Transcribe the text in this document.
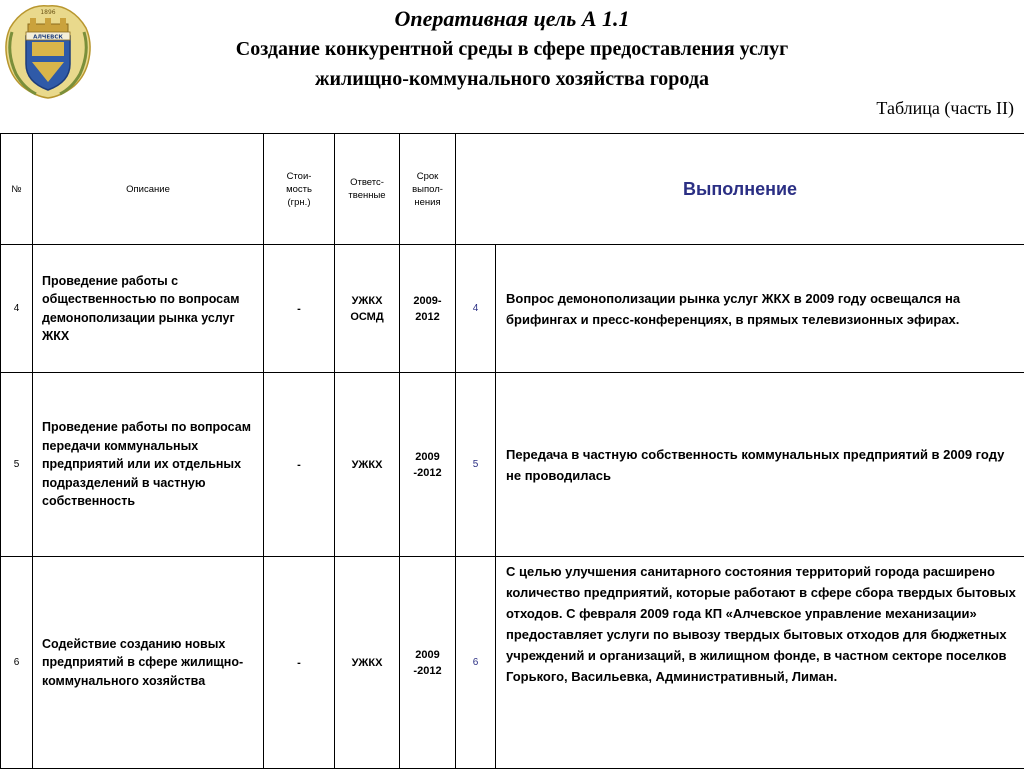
АЛЧЕВСК
1896	Оперативная цель А 1.1
Создание конкурентной среды в сфере предоставления услуг
жилищно-коммунального хозяйства города
Таблица (часть II)
№	Описание	Стои-мость (грн.)	Ответс-твенные	Срок выпол-нения	Выполнение	
4	Проведение работы с общественностью по вопросам демонополизации рынка услуг ЖКХ	-	УЖКХ ОСМД	2009-2012	4	Вопрос демонополизации рынка услуг ЖКХ в 2009 году освещался на брифингах и пресс-конференциях, в прямых телевизионных эфирах.
5	Проведение работы по вопросам передачи коммунальных предприятий или их отдельных подразделений в частную собственность	-	УЖКХ	2009 -2012	5	Передача в частную собственность коммунальных предприятий в 2009 году не проводилась
6	Содействие созданию новых предприятий в сфере жилищно-коммунального хозяйства	-	УЖКХ	2009 -2012	6	С целью улучшения санитарного состояния территорий города расширено количество предприятий, которые работают в сфере сбора твердых бытовых отходов. С февраля 2009 года КП «Алчевское управление механизации» предоставляет услуги по вывозу твердых бытовых отходов для бюджетных учреждений и организаций, в жилищном фонде, в частном секторе поселков Горького, Васильевка, Административный, Лиман.
